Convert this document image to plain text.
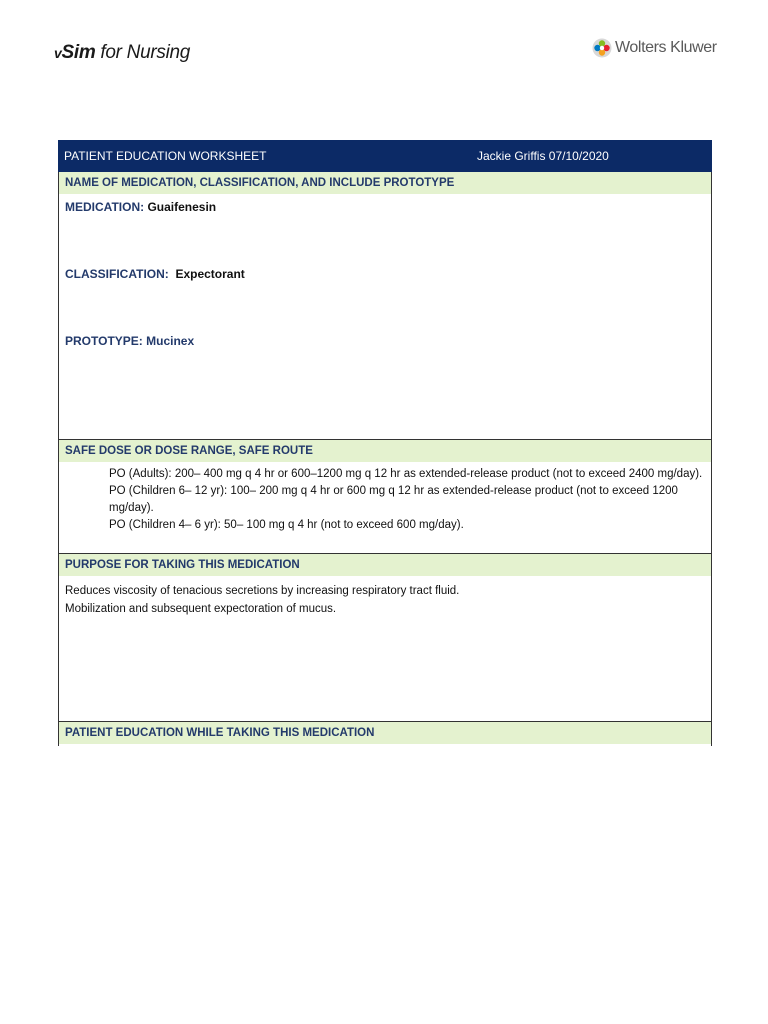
vSim for Nursing	Wolters Kluwer
PATIENT EDUCATION WORKSHEET	Jackie Griffis 07/10/2020
NAME OF MEDICATION, CLASSIFICATION, AND INCLUDE PROTOTYPE
MEDICATION: Guaifenesin
CLASSIFICATION: Expectorant
PROTOTYPE: Mucinex
SAFE DOSE OR DOSE RANGE, SAFE ROUTE

PO (Adults): 200– 400 mg q 4 hr or 600–1200 mg q 12 hr as extended-release product (not to exceed 2400 mg/day).

PO (Children 6– 12 yr): 100– 200 mg q 4 hr or 600 mg q 12 hr as extended-release product (not to exceed 1200 mg/day).

PO (Children 4– 6 yr): 50– 100 mg q 4 hr (not to exceed 600 mg/day).

PURPOSE FOR TAKING THIS MEDICATION

Reduces viscosity of tenacious secretions by increasing respiratory tract fluid.

Mobilization and subsequent expectoration of mucus.

PATIENT EDUCATION WHILE TAKING THIS MEDICATION
